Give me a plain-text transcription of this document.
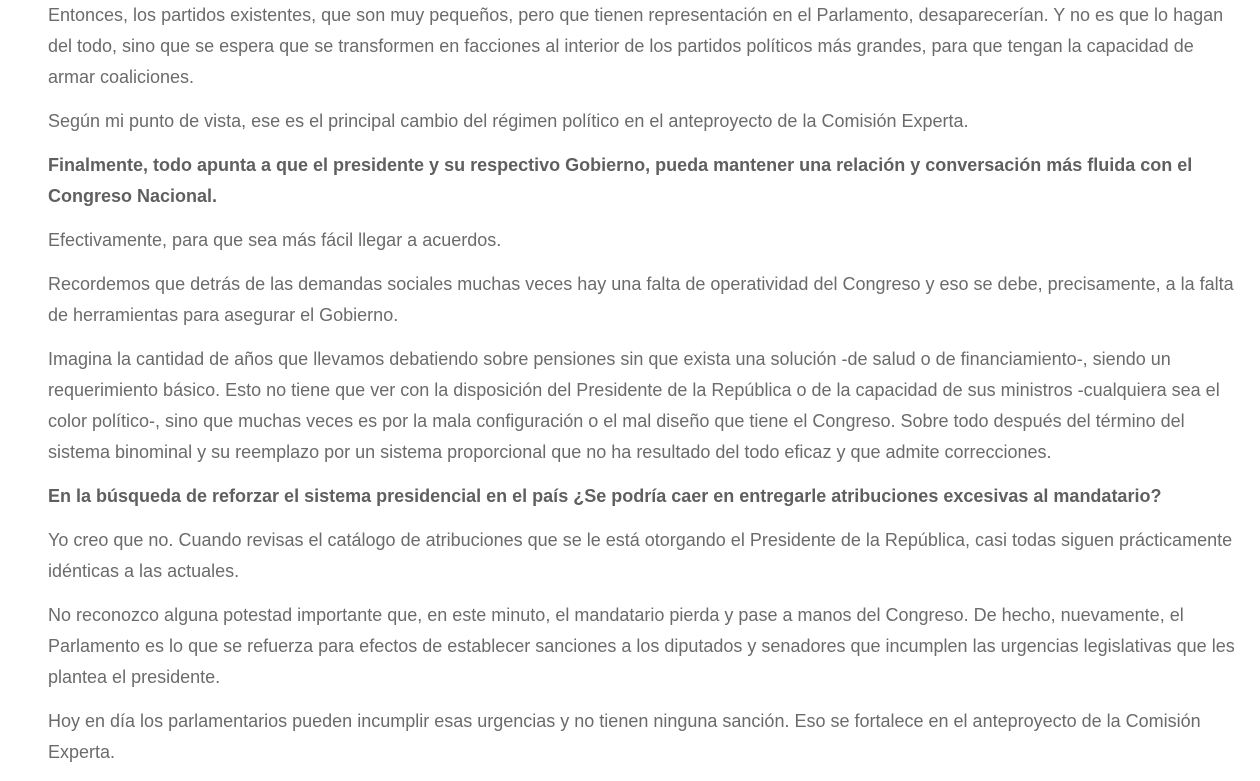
Entonces, los partidos existentes, que son muy pequeños, pero que tienen representación en el Parlamento, desaparecerían. Y no es que lo hagan del todo, sino que se espera que se transformen en facciones al interior de los partidos políticos más grandes, para que tengan la capacidad de armar coaliciones.

Según mi punto de vista, ese es el principal cambio del régimen político en el anteproyecto de la Comisión Experta.

Finalmente, todo apunta a que el presidente y su respectivo Gobierno, pueda mantener una relación y conversación más fluida con el Congreso Nacional.

Efectivamente, para que sea más fácil llegar a acuerdos.

Recordemos que detrás de las demandas sociales muchas veces hay una falta de operatividad del Congreso y eso se debe, precisamente, a la falta de herramientas para asegurar el Gobierno.

Imagina la cantidad de años que llevamos debatiendo sobre pensiones sin que exista una solución -de salud o de financiamiento-, siendo un requerimiento básico. Esto no tiene que ver con la disposición del Presidente de la República o de la capacidad de sus ministros -cualquiera sea el color político-, sino que muchas veces es por la mala configuración o el mal diseño que tiene el Congreso. Sobre todo después del término del sistema binominal y su reemplazo por un sistema proporcional que no ha resultado del todo eficaz y que admite correcciones.

En la búsqueda de reforzar el sistema presidencial en el país ¿Se podría caer en entregarle atribuciones excesivas al mandatario?

Yo creo que no. Cuando revisas el catálogo de atribuciones que se le está otorgando el Presidente de la República, casi todas siguen prácticamente idénticas a las actuales.

No reconozco alguna potestad importante que, en este minuto, el mandatario pierda y pase a manos del Congreso. De hecho, nuevamente, el Parlamento es lo que se refuerza para efectos de establecer sanciones a los diputados y senadores que incumplen las urgencias legislativas que les plantea el presidente.

Hoy en día los parlamentarios pueden incumplir esas urgencias y no tienen ninguna sanción. Eso se fortalece en el anteproyecto de la Comisión Experta.
